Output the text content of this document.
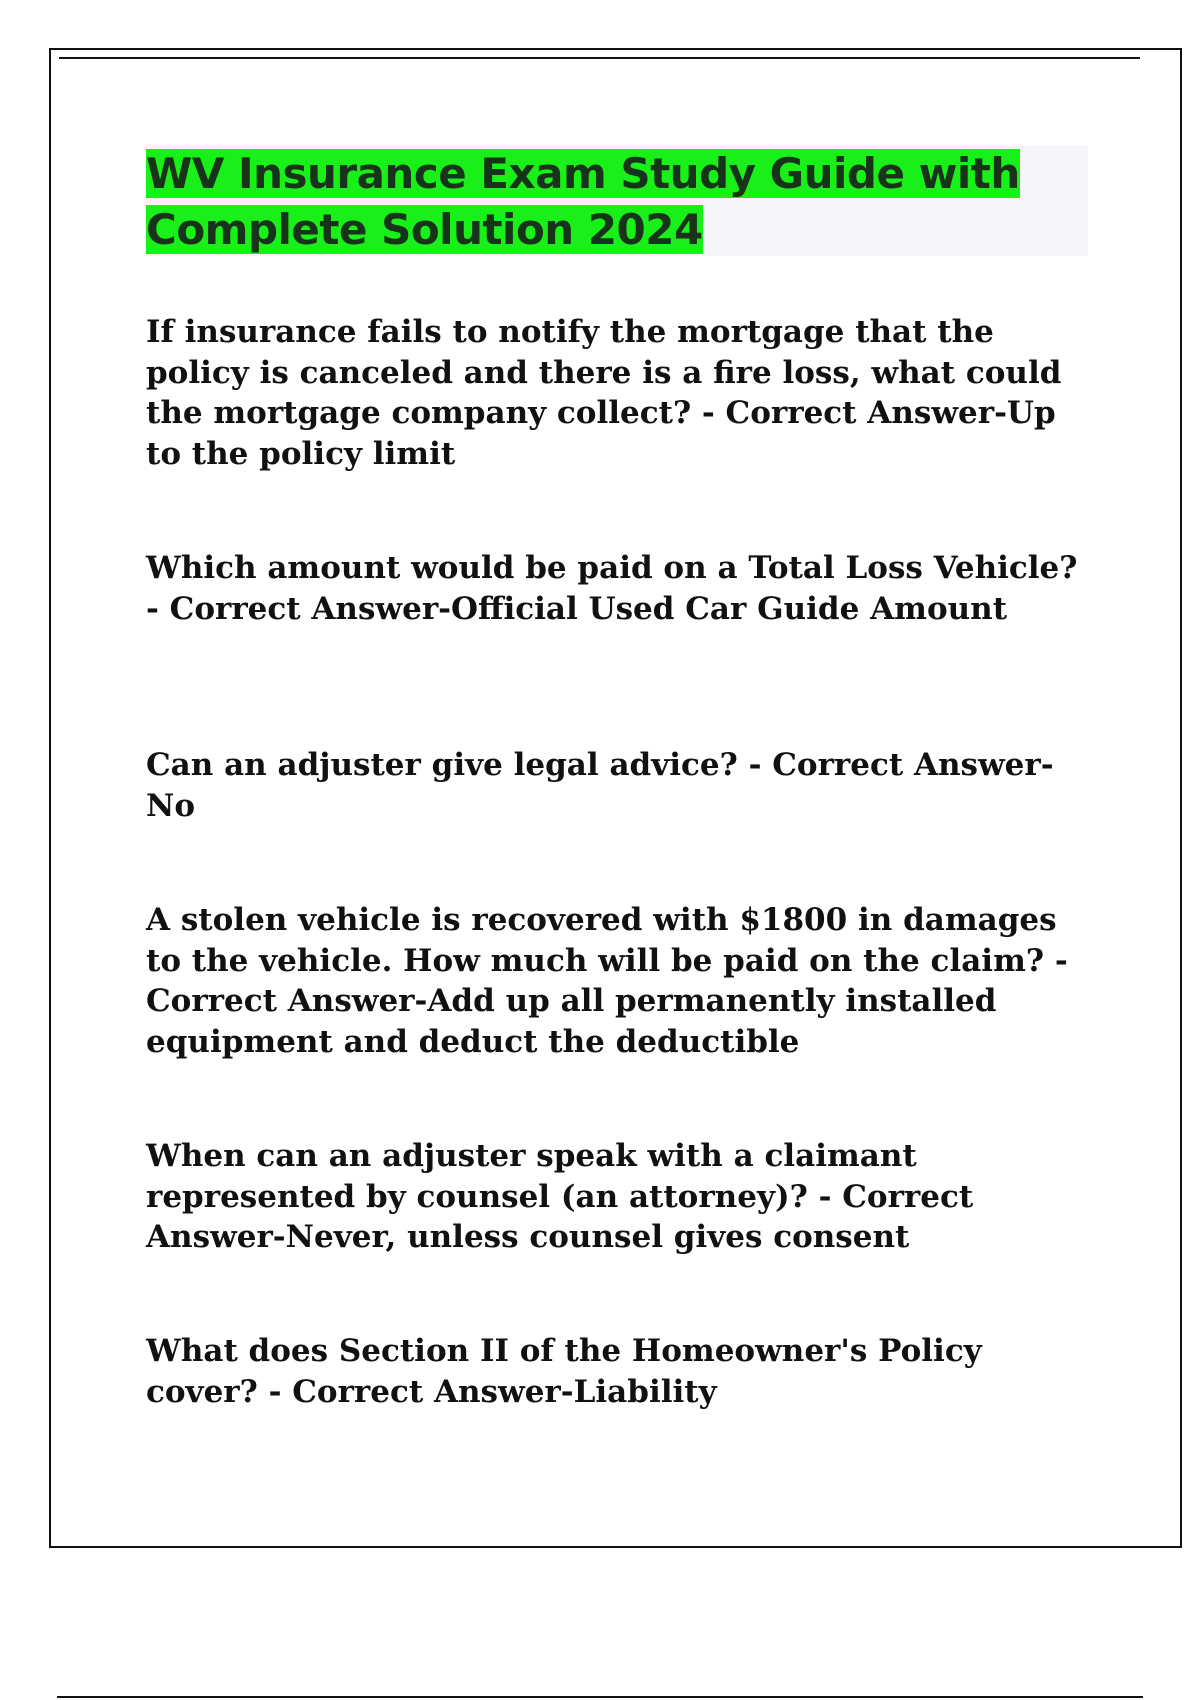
WV Insurance Exam Study Guide with Complete Solution 2024

If insurance fails to notify the mortgage that the policy is canceled and there is a fire loss, what could the mortgage company collect? - Correct Answer-Up to the policy limit

Which amount would be paid on a Total Loss Vehicle? - Correct Answer-Official Used Car Guide Amount

Can an adjuster give legal advice? - Correct Answer-No

A stolen vehicle is recovered with $1800 in damages to the vehicle. How much will be paid on the claim? - Correct Answer-Add up all permanently installed equipment and deduct the deductible

When can an adjuster speak with a claimant represented by counsel (an attorney)? - Correct Answer-Never, unless counsel gives consent

What does Section II of the Homeowner's Policy cover? - Correct Answer-Liability
